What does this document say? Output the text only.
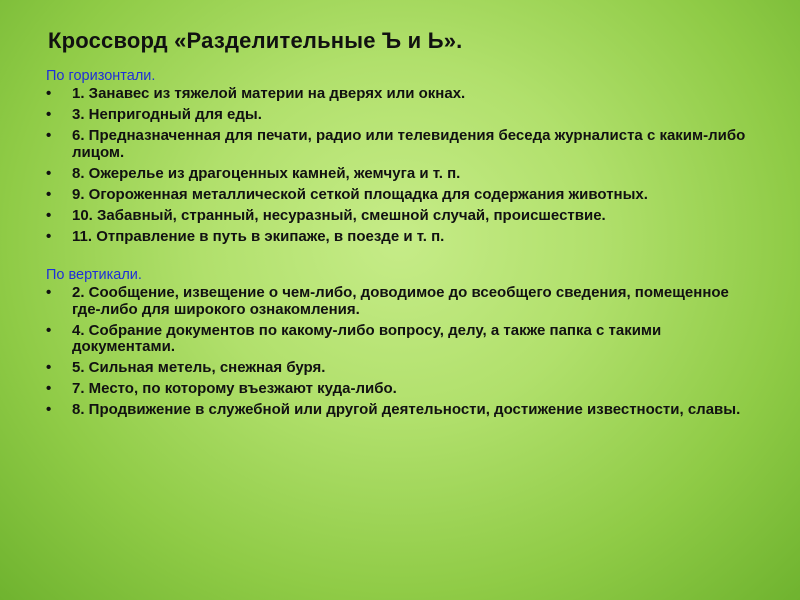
Кроссворд «Разделительные Ъ и Ь».

По горизонтали.

• 1. Занавес из тяжелой материи на дверях или окнах.
• 3. Непригодный для еды.
• 6. Предназначенная для печати, радио или телевидения беседа журналиста с каким-либо лицом.
• 8. Ожерелье из драгоценных камней, жемчуга и т. п.
• 9. Огороженная металлической сеткой площадка для содержания животных.
• 10. Забавный, странный, несуразный, смешной случай, происшествие.
• 11. Отправление в путь в экипаже, в поезде и т. п.

По вертикали.

• 2. Сообщение, извещение о чем-либо, доводимое до всеобщего сведения, помещенное где-либо для широкого ознакомления.
• 4. Собрание документов по какому-либо вопросу, делу, а также папка с такими документами.
• 5. Сильная метель, снежная буря.
• 7. Место, по которому въезжают куда-либо.
• 8. Продвижение в служебной или другой деятельности, достижение известности, славы.
